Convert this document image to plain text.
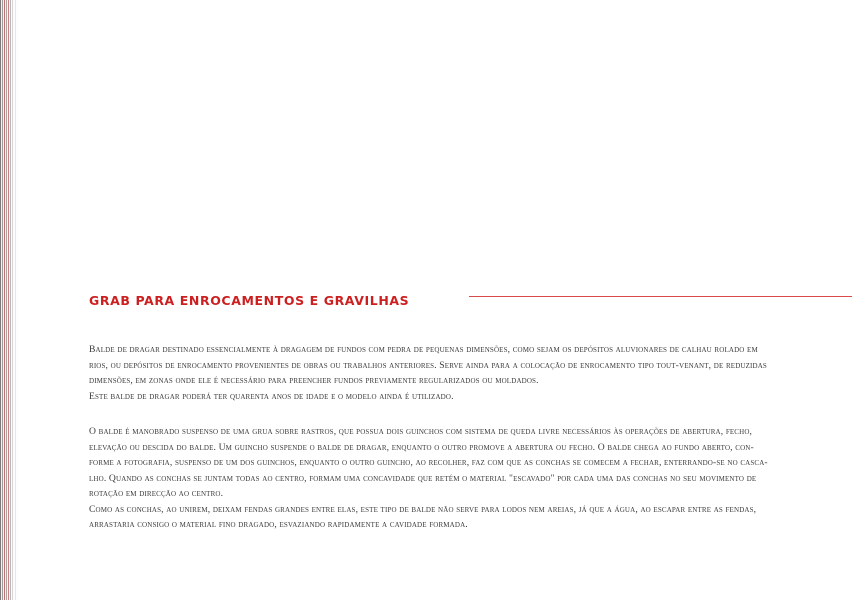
GRAB PARA ENROCAMENTOS E GRAVILHAS

Balde de dragar destinado essencialmente à dragagem de fundos com pedra de pequenas dimensões, como sejam os depósitos aluvionares de calhau rolado em
rios, ou depósitos de enrocamento provenientes de obras ou trabalhos anteriores. Serve ainda para a colocação de enrocamento tipo tout-venant, de reduzidas
dimensões, em zonas onde ele é necessário para preencher fundos previamente regularizados ou moldados.
Este balde de dragar poderá ter quarenta anos de idade e o modelo ainda é utilizado.

O balde é manobrado suspenso de uma grua sobre rastros, que possua dois guinchos com sistema de queda livre necessários às operações de abertura, fecho,
elevação ou descida do balde. Um guincho suspende o balde de dragar, enquanto o outro promove a abertura ou fecho. O balde chega ao fundo aberto, con-
forme a fotografia, suspenso de um dos guinchos, enquanto o outro guincho, ao recolher, faz com que as conchas se comecem a fechar, enterrando-se no casca-
lho. Quando as conchas se juntam todas ao centro, formam uma concavidade que retém o material "escavado" por cada uma das conchas no seu movimento de
rotação em direcção ao centro.
Como as conchas, ao unirem, deixam fendas grandes entre elas, este tipo de balde não serve para lodos nem areias, já que a água, ao escapar entre as fendas,
arrastaria consigo o material fino dragado, esvaziando rapidamente a cavidade formada.
